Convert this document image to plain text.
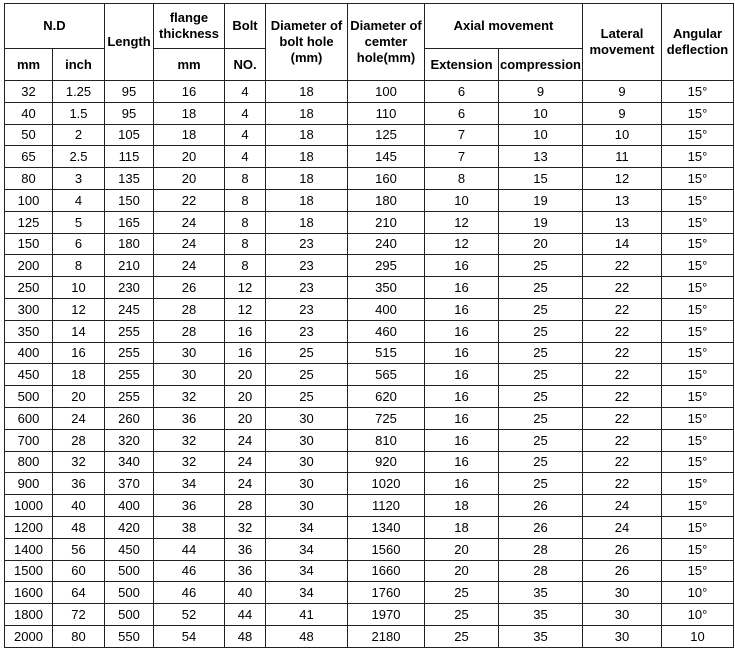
N.D		Length	flange thickness	Bolt	Diameter of bolt hole (mm)	Diameter of cemter hole(mm)	Axial movement		Lateral movement	Angular deflection
mm	inch		mm	NO.			Extension	compression		
32	1.25	95	16	4	18	100	6	9	9	15°
40	1.5	95	18	4	18	110	6	10	9	15°
50	2	105	18	4	18	125	7	10	10	15°
65	2.5	115	20	4	18	145	7	13	11	15°
80	3	135	20	8	18	160	8	15	12	15°
100	4	150	22	8	18	180	10	19	13	15°
125	5	165	24	8	18	210	12	19	13	15°
150	6	180	24	8	23	240	12	20	14	15°
200	8	210	24	8	23	295	16	25	22	15°
250	10	230	26	12	23	350	16	25	22	15°
300	12	245	28	12	23	400	16	25	22	15°
350	14	255	28	16	23	460	16	25	22	15°
400	16	255	30	16	25	515	16	25	22	15°
450	18	255	30	20	25	565	16	25	22	15°
500	20	255	32	20	25	620	16	25	22	15°
600	24	260	36	20	30	725	16	25	22	15°
700	28	320	32	24	30	810	16	25	22	15°
800	32	340	32	24	30	920	16	25	22	15°
900	36	370	34	24	30	1020	16	25	22	15°
1000	40	400	36	28	30	1120	18	26	24	15°
1200	48	420	38	32	34	1340	18	26	24	15°
1400	56	450	44	36	34	1560	20	28	26	15°
1500	60	500	46	36	34	1660	20	28	26	15°
1600	64	500	46	40	34	1760	25	35	30	10°
1800	72	500	52	44	41	1970	25	35	30	10°
2000	80	550	54	48	48	2180	25	35	30	10
